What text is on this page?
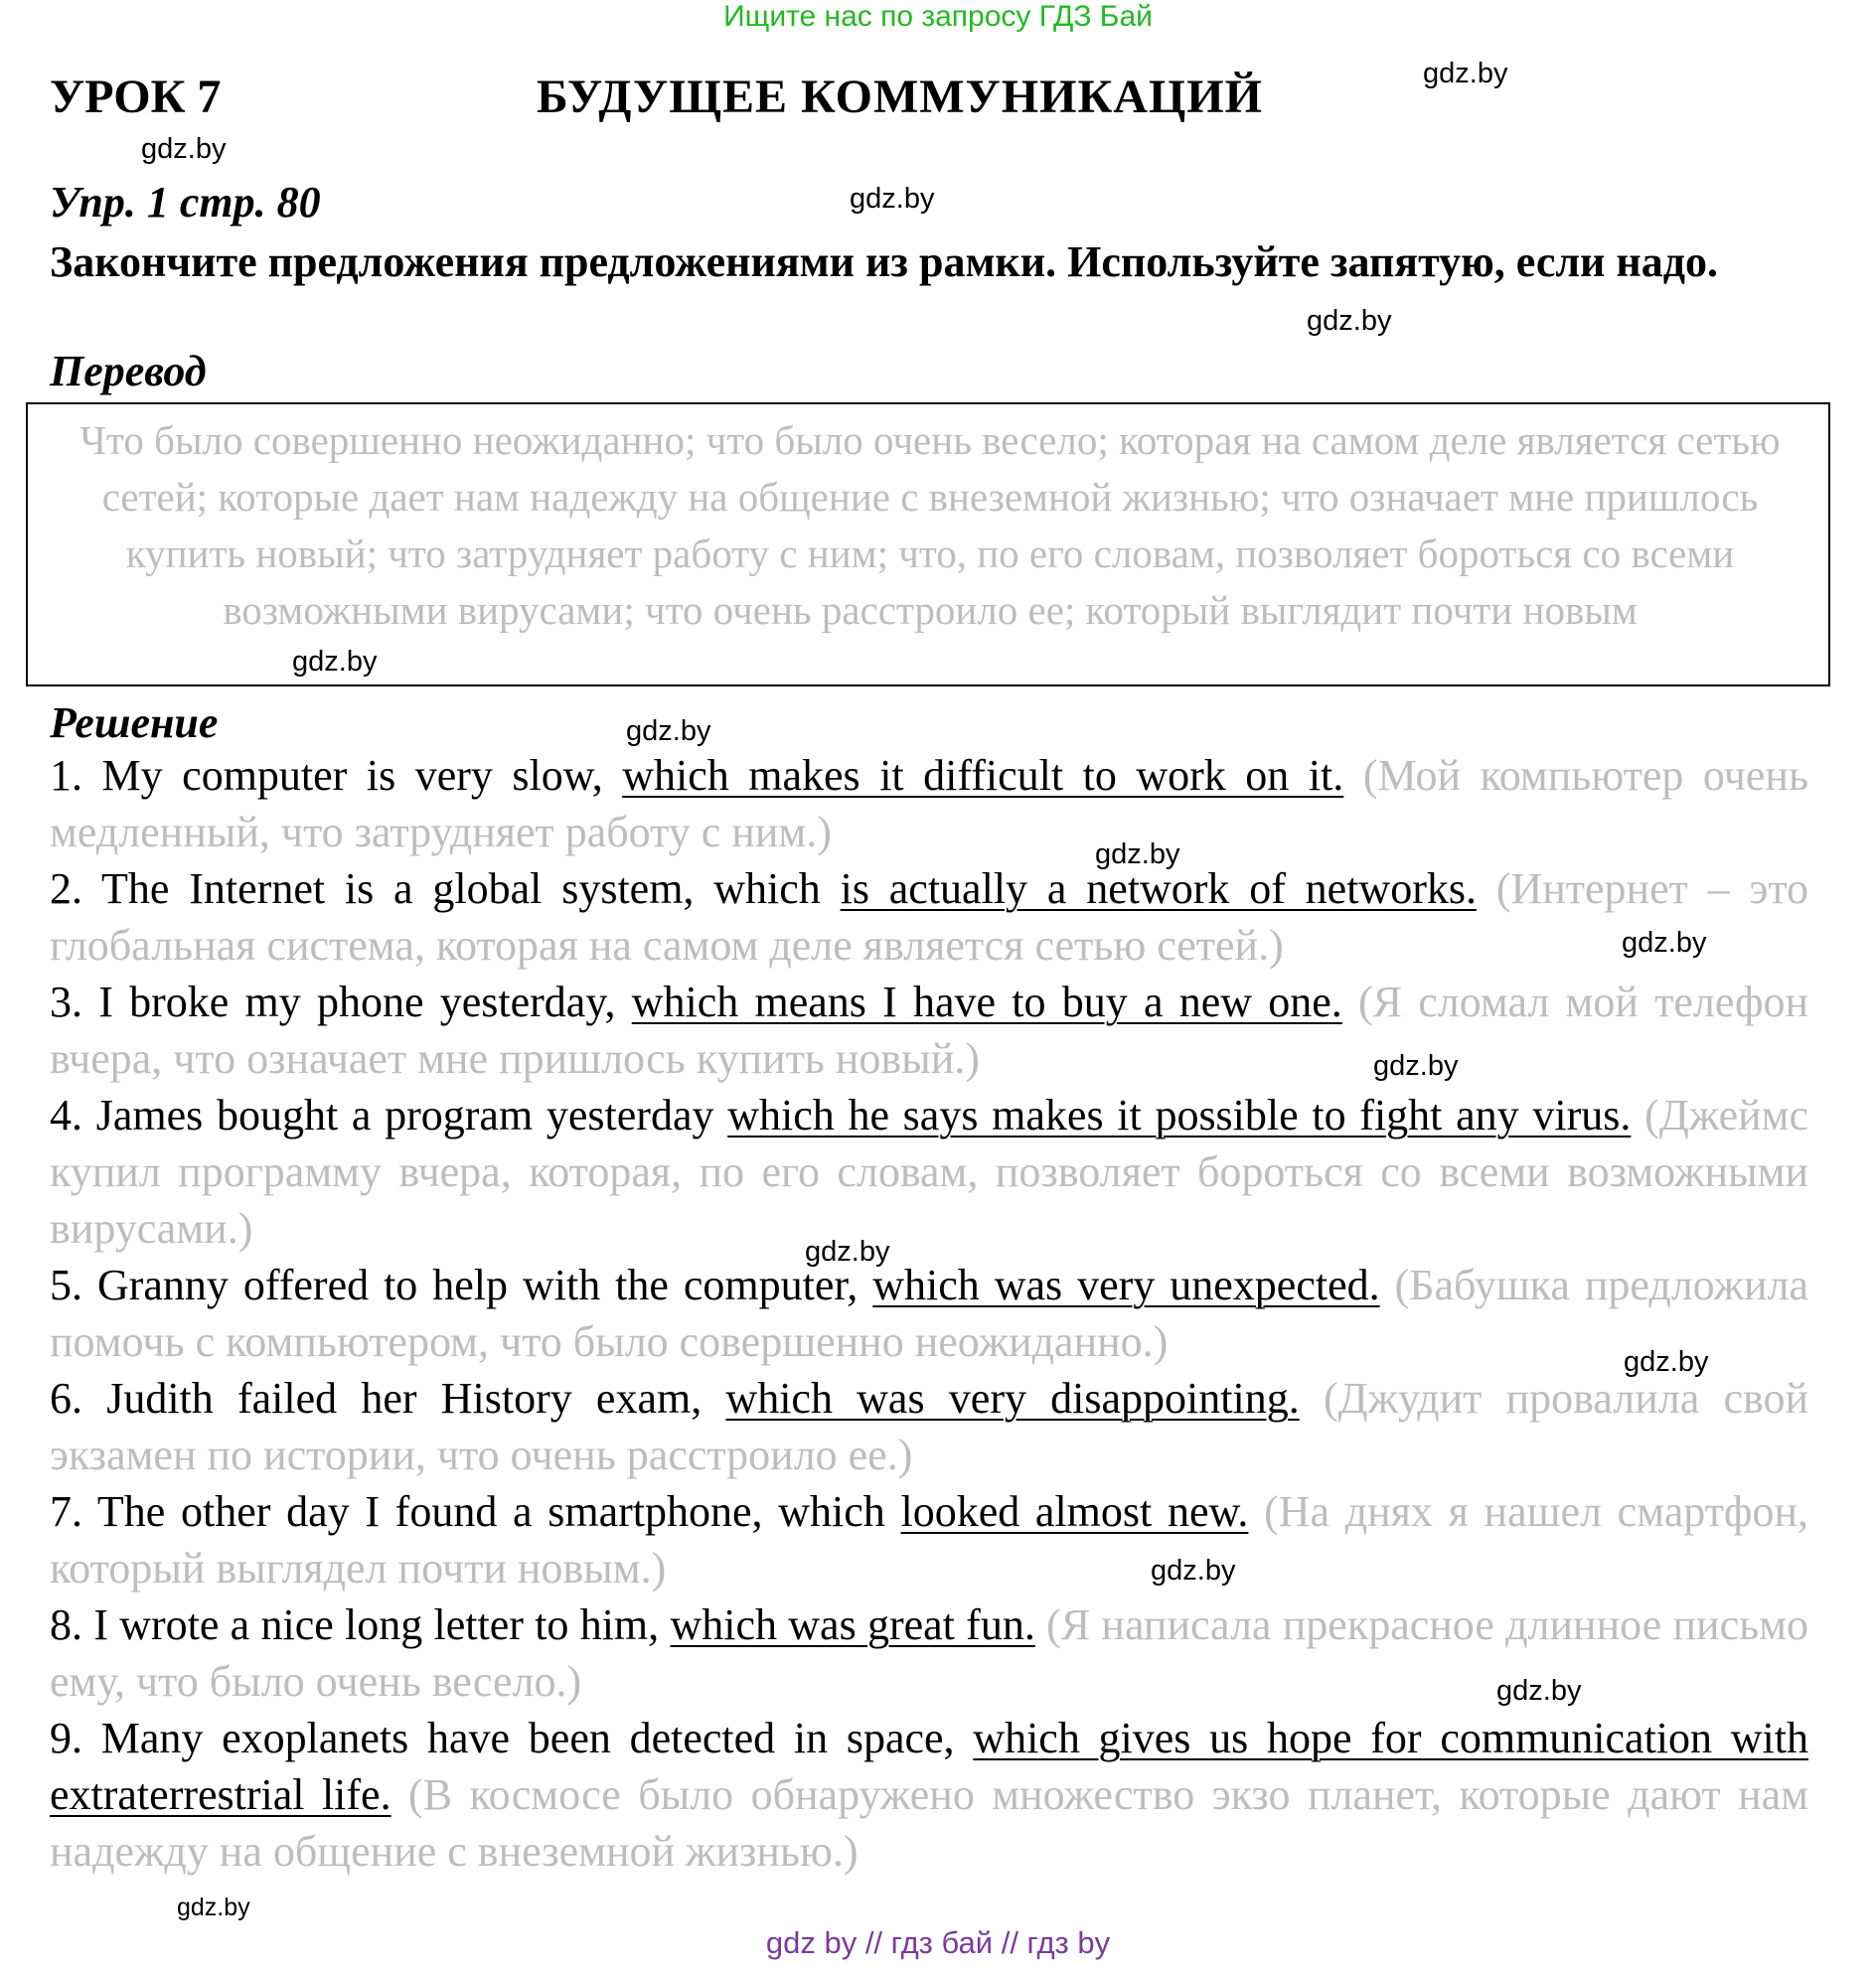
Ищите нас по запросу ГДЗ Бай
УРОК 7	БУДУЩЕЕ КОММУНИКАЦИЙ
Упр. 1 стр. 80
Закончите предложения предложениями из рамки. Используйте запятую, если надо.
Перевод
Что было совершенно неожиданно; что было очень весело; которая на самом деле является сетью сетей; которые дает нам надежду на общение с внеземной жизнью; что означает мне пришлось купить новый; что затрудняет работу с ним; что, по его словам, позволяет бороться со всеми возможными вирусами; что очень расстроило ее; который выглядит почти новым
Решение
1. My computer is very slow, which makes it difficult to work on it. (Мой компьютер очень медленный, что затрудняет работу с ним.)
2. The Internet is a global system, which is actually a network of networks. (Интернет – это глобальная система, которая на самом деле является сетью сетей.)
3. I broke my phone yesterday, which means I have to buy a new one. (Я сломал мой телефон вчера, что означает мне пришлось купить новый.)
4. James bought a program yesterday which he says makes it possible to fight any virus. (Джеймс купил программу вчера, которая, по его словам, позволяет бороться со всеми возможными вирусами.)
5. Granny offered to help with the computer, which was very unexpected. (Бабушка предложила помочь с компьютером, что было совершенно неожиданно.)
6. Judith failed her History exam, which was very disappointing. (Джудит провалила свой экзамен по истории, что очень расстроило ее.)
7. The other day I found a smartphone, which looked almost new. (На днях я нашел смартфон, который выглядел почти новым.)
8. I wrote a nice long letter to him, which was great fun. (Я написала прекрасное длинное письмо ему, что было очень весело.)
9. Many exoplanets have been detected in space, which gives us hope for communication with extraterrestrial life. (В космосе было обнаружено множество экзо планет, которые дают нам надежду на общение с внеземной жизнью.)
gdz.by
gdz.by
gdz.by
gdz.by
gdz.by
gdz.by
gdz.by
gdz.by
gdz.by
gdz.by
gdz.by
gdz.by
gdz.by
gdz.by
gdz by // гдз бай // гдз by
